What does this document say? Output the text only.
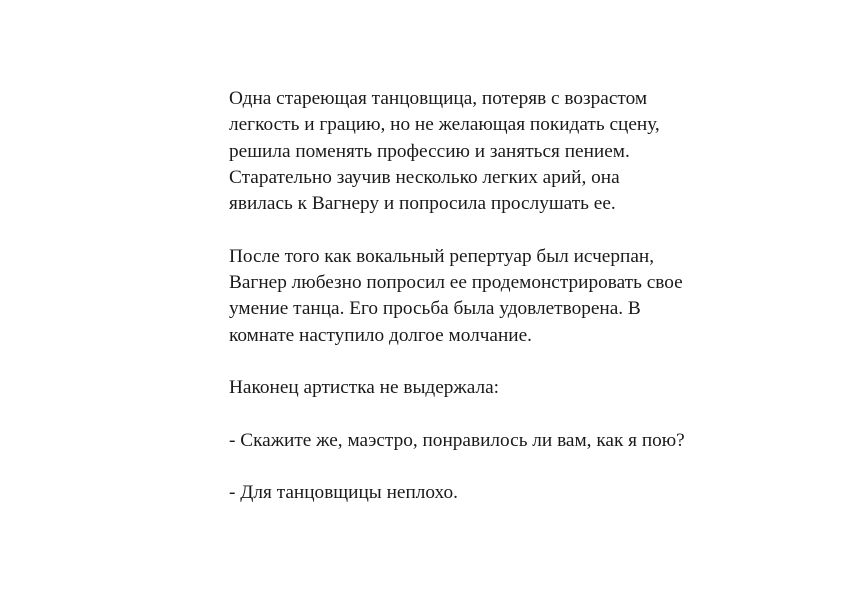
Одна стареющая танцовщица, потеряв с возрастом
легкость и грацию, но не желающая покидать сцену,
решила поменять профессию и заняться пением.
Старательно заучив несколько легких арий, она
явилась к Вагнеру и попросила прослушать ее.

После того как вокальный репертуар был исчерпан,
Вагнер любезно попросил ее продемонстрировать свое
умение танца. Его просьба была удовлетворена. В
комнате наступило долгое молчание.

Наконец артистка не выдержала:

- Скажите же, маэстро, понравилось ли вам, как я пою?

- Для танцовщицы неплохо.
